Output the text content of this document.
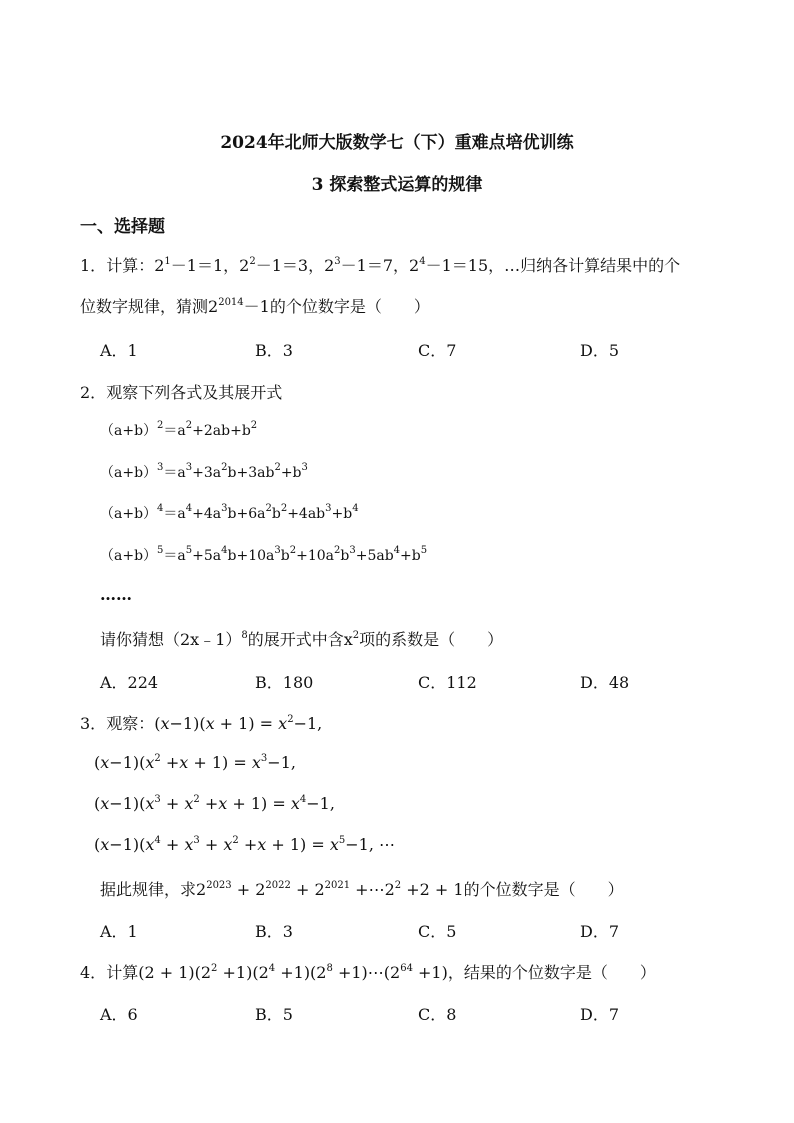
2024年北师大版数学七（下）重难点培优训练
3 探索整式运算的规律
一、选择题
1．计算：$2^1-1=1$，$2^2-1=3$，$2^3-1=7$，$2^4-1=15$，…归纳各计算结果中的个
位数字规律，猜测$2^{2014}-1$的个位数字是（　　）
A．1	B．3	C．7	D．5
2．观察下列各式及其展开式
$(a+b)^2=a^2+2ab+b^2$
$(a+b)^3=a^3+3a^2b+3ab^2+b^3$
$(a+b)^4=a^4+4a^3b+6a^2b^2+4ab^3+b^4$
$(a+b)^5=a^5+5a^4b+10a^3b^2+10a^2b^3+5ab^4+b^5$
……
请你猜想（2x﹣1）$^8$的展开式中含$x^2$项的系数是（　　）
A．224	B．180	C．112	D．48
3．观察：$(x-1)(x + 1) = x^2-1$,
$(x-1)(x^2 +x + 1) = x^3-1$,
$(x-1)(x^3 + x^2 +x + 1) = x^4-1$,
$(x-1)(x^4 + x^3 + x^2 +x + 1) = x^5-1$, ⋯
据此规律，求$2^{2023} + 2^{2022} + 2^{2021}$ $+\cdots 2^2 +2 + 1$的个位数字是（　　）
A．1	B．3	C．5	D．7
4．计算$(2 + 1)(2^2 +1)(2^4 +1)(2^8$ $+1)\cdots(2^{64} +1)$，结果的个位数字是（　　）
A．6	B．5	C．8	D．7
